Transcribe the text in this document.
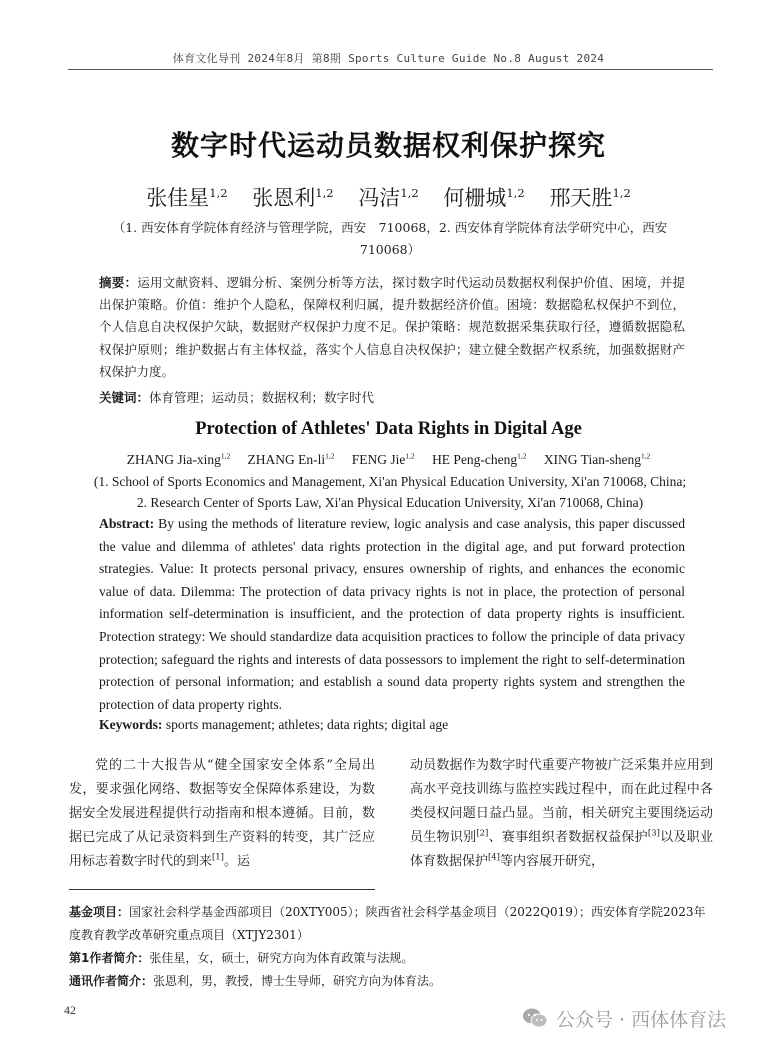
体育文化导刊 2024年8月 第8期 Sports Culture Guide No.8 August 2024
数字时代运动员数据权利保护探究
张佳星$^{1,2}$ 张恩利$^{1,2}$ 冯洁$^{1,2}$ 何栅城$^{1,2}$ 邢天胜$^{1,2}$
（1. 西安体育学院体育经济与管理学院，西安　710068，2. 西安体育学院体育法学研究中心，西安　710068）
摘要：运用文献资料、逻辑分析、案例分析等方法，探讨数字时代运动员数据权利保护价值、困境，并提出保护策略。价值：维护个人隐私，保障权利归属，提升数据经济价值。困境：数据隐私权保护不到位，个人信息自决权保护欠缺，数据财产权保护力度不足。保护策略：规范数据采集获取行径，遵循数据隐私权保护原则；维护数据占有主体权益，落实个人信息自决权保护；建立健全数据产权系统，加强数据财产权保护力度。
关键词：体育管理；运动员；数据权利；数字时代
Protection of Athletes' Data Rights in Digital Age
ZHANG Jia-xing$^{1,2}$ ZHANG En-li$^{1,2}$ FENG Jie$^{1,2}$ HE Peng-cheng$^{1,2}$ XING Tian-sheng$^{1,2}$
(1. School of Sports Economics and Management, Xi'an Physical Education University, Xi'an 710068, China; 2. Research Center of Sports Law, Xi'an Physical Education University, Xi'an 710068, China)
Abstract: By using the methods of literature review, logic analysis and case analysis, this paper discussed the value and dilemma of athletes' data rights protection in the digital age, and put forward protection strategies. Value: It protects personal privacy, ensures ownership of rights, and enhances the economic value of data. Dilemma: The protection of data privacy rights is not in place, the protection of personal information self-determination is insufficient, and the protection of data property rights is insufficient. Protection strategy: We should standardize data acquisition practices to follow the principle of data privacy protection; safeguard the rights and interests of data possessors to implement the right to self-determination protection of personal information; and establish a sound data property rights system and strengthen the protection of data property rights.
Keywords: sports management; athletes; data rights; digital age
党的二十大报告从“健全国家安全体系”全局出发，要求强化网络、数据等安全保障体系建设，为数据安全发展进程提供行动指南和根本遵循。目前，数据已完成了从记录资料到生产资料的转变，其广泛应用标志着数字时代的到来[1]。运
动员数据作为数字时代重要产物被广泛采集并应用到高水平竞技训练与监控实践过程中，而在此过程中各类侵权问题日益凸显。当前，相关研究主要围绕运动员生物识别[2]、赛事组织者数据权益保护[3]以及职业体育数据保护[4]等内容展开研究，
基金项目：国家社会科学基金西部项目（20XTY005）；陕西省社会科学基金项目（2022Q019）；西安体育学院2023年度教育教学改革研究重点项目（XTJY2301）
第1作者简介：张佳星，女，硕士，研究方向为体育政策与法规。
通讯作者简介：张恩利，男，教授，博士生导师，研究方向为体育法。
42	公众号 · 西体体育法
